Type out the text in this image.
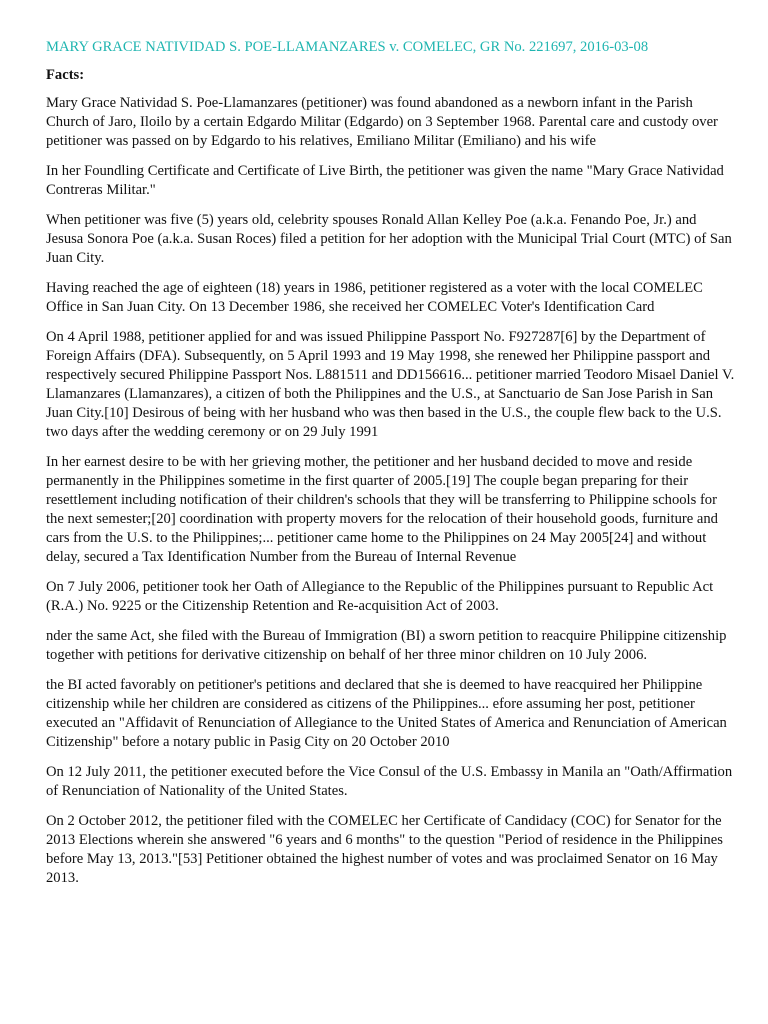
MARY GRACE NATIVIDAD S. POE-LLAMANZARES v. COMELEC, GR No. 221697, 2016-03-08
Facts:

Mary Grace Natividad S. Poe-Llamanzares (petitioner) was found abandoned as a newborn infant in the Parish Church of Jaro, Iloilo by a certain Edgardo Militar (Edgardo) on 3 September 1968. Parental care and custody over petitioner was passed on by Edgardo to his relatives, Emiliano Militar (Emiliano) and his wife

In her Foundling Certificate and Certificate of Live Birth, the petitioner was given the name "Mary Grace Natividad Contreras Militar."

When petitioner was five (5) years old, celebrity spouses Ronald Allan Kelley Poe (a.k.a. Fenando Poe, Jr.) and Jesusa Sonora Poe (a.k.a. Susan Roces) filed a petition for her adoption with the Municipal Trial Court (MTC) of San Juan City.

Having reached the age of eighteen (18) years in 1986, petitioner registered as a voter with the local COMELEC Office in San Juan City. On 13 December 1986, she received her COMELEC Voter's Identification Card

On 4 April 1988, petitioner applied for and was issued Philippine Passport No. F927287[6] by the Department of Foreign Affairs (DFA). Subsequently, on 5 April 1993 and 19 May 1998, she renewed her Philippine passport and respectively secured Philippine Passport Nos. L881511 and DD156616... petitioner married Teodoro Misael Daniel V. Llamanzares (Llamanzares), a citizen of both the Philippines and the U.S., at Sanctuario de San Jose Parish in San Juan City.[10] Desirous of being with her husband who was then based in the U.S., the couple flew back to the U.S. two days after the wedding ceremony or on 29 July 1991

In her earnest desire to be with her grieving mother, the petitioner and her husband decided to move and reside permanently in the Philippines sometime in the first quarter of 2005.[19] The couple began preparing for their resettlement including notification of their children's schools that they will be transferring to Philippine schools for the next semester;[20] coordination with property movers for the relocation of their household goods, furniture and cars from the U.S. to the Philippines;... petitioner came home to the Philippines on 24 May 2005[24] and without delay, secured a Tax Identification Number from the Bureau of Internal Revenue

On 7 July 2006, petitioner took her Oath of Allegiance to the Republic of the Philippines pursuant to Republic Act (R.A.) No. 9225 or the Citizenship Retention and Re-acquisition Act of 2003.

nder the same Act, she filed with the Bureau of Immigration (BI) a sworn petition to reacquire Philippine citizenship together with petitions for derivative citizenship on behalf of her three minor children on 10 July 2006.

the BI acted favorably on petitioner's petitions and declared that she is deemed to have reacquired her Philippine citizenship while her children are considered as citizens of the Philippines... efore assuming her post, petitioner executed an "Affidavit of Renunciation of Allegiance to the United States of America and Renunciation of American Citizenship" before a notary public in Pasig City on 20 October 2010

On 12 July 2011, the petitioner executed before the Vice Consul of the U.S. Embassy in Manila an "Oath/Affirmation of Renunciation of Nationality of the United States.

On 2 October 2012, the petitioner filed with the COMELEC her Certificate of Candidacy (COC) for Senator for the 2013 Elections wherein she answered "6 years and 6 months" to the question "Period of residence in the Philippines before May 13, 2013."[53] Petitioner obtained the highest number of votes and was proclaimed Senator on 16 May 2013.
